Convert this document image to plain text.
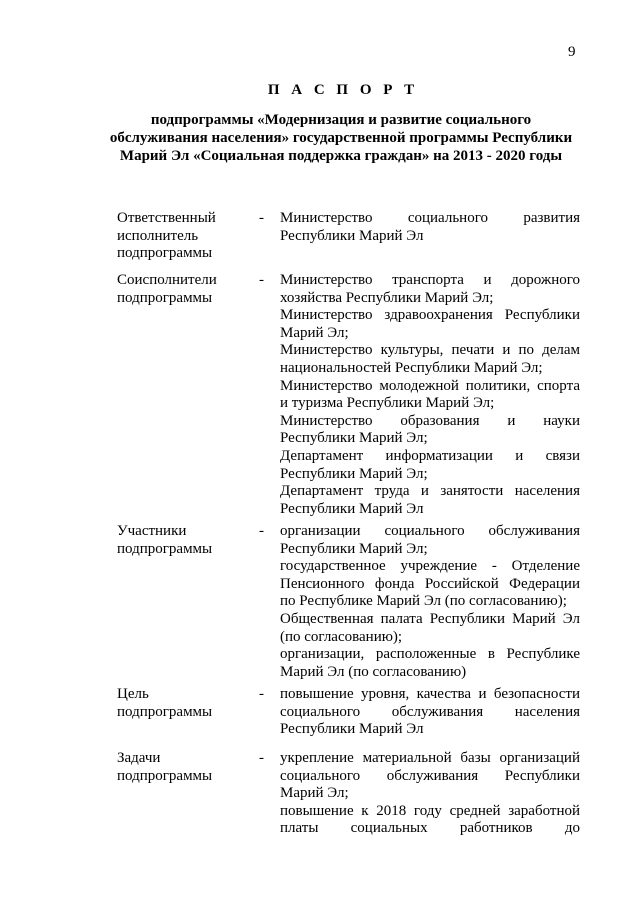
9
П А С П О Р Т
подпрограммы «Модернизация и развитие социального
обслуживания населения» государственной программы Республики
Марий Эл «Социальная поддержка граждан» на 2013 - 2020 годы
Ответственный
исполнитель
подпрограммы
- Министерство социального развития
Республики Марий Эл
Соисполнители
подпрограммы
- Министерство транспорта и дорожного
хозяйства Республики Марий Эл;
Министерство здравоохранения Республики
Марий Эл;
Министерство культуры, печати и по делам
национальностей Республики Марий Эл;
Министерство молодежной политики, спорта
и туризма Республики Марий Эл;
Министерство образования и науки
Республики Марий Эл;
Департамент информатизации и связи
Республики Марий Эл;
Департамент труда и занятости населения
Республики Марий Эл
Участники
подпрограммы
- организации социального обслуживания
Республики Марий Эл;
государственное учреждение - Отделение
Пенсионного фонда Российской Федерации
по Республике Марий Эл (по согласованию);
Общественная палата Республики Марий Эл
(по согласованию);
организации, расположенные в Республике
Марий Эл (по согласованию)
Цель
подпрограммы
- повышение уровня, качества и безопасности
социального обслуживания населения
Республики Марий Эл
Задачи
подпрограммы
- укрепление материальной базы организаций
социального обслуживания Республики
Марий Эл;
повышение к 2018 году средней заработной
платы социальных работников до
